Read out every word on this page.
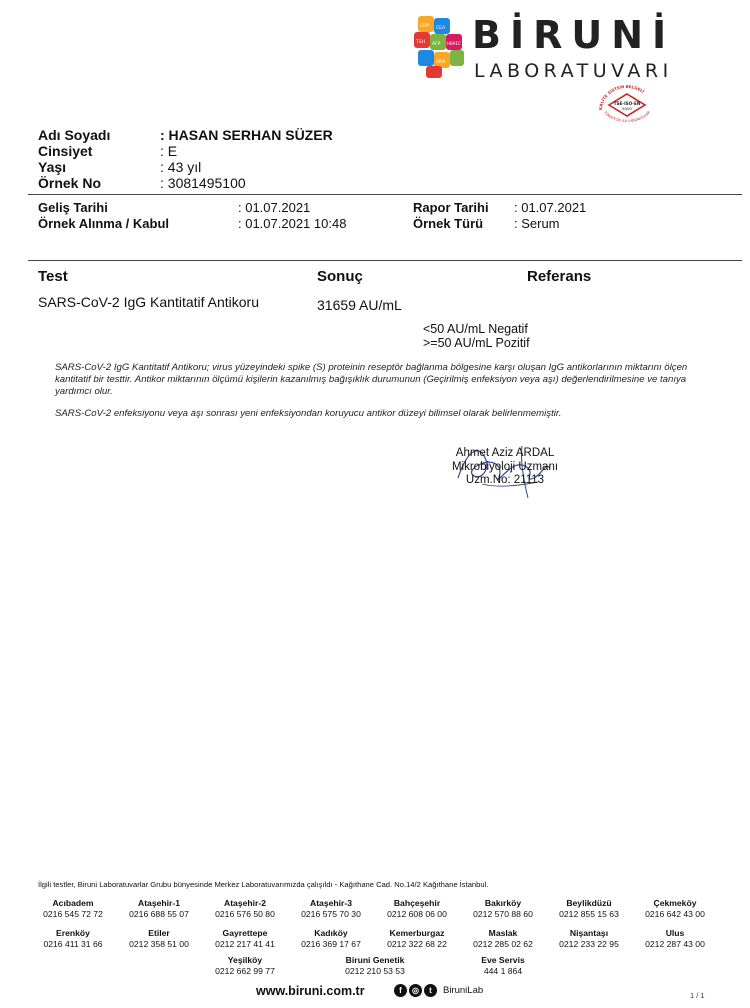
CRP CEA
TSH AFP HBA1C
ANA
BİRUNİ
LABORATUVARI
KALİTE SİSTEM BELGELİ
TSE-ISO-EN
9000
TÜRKİYE'DE İLK LABORATUVAR
Adı Soyadı	: HASAN SERHAN SÜZER
Cinsiyet	: E
Yaşı	: 43 yıl
Örnek No	: 3081495100
Geliş Tarihi	: 01.07.2021
Örnek Alınma / Kabul	: 01.07.2021 10:48
Rapor Tarihi	: 01.07.2021
Örnek Türü	: Serum
Test	Sonuç	Referans
SARS-CoV-2 IgG Kantitatif Antikoru	31659 AU/mL
<50 AU/mL Negatif
>=50 AU/mL Pozitif
SARS-CoV-2 IgG Kantitatif Antikoru; virus yüzeyindeki spike (S) proteinin reseptör bağlanma bölgesine karşı oluşan IgG antikorlarının miktarını ölçen kantitatif bir testtir. Antikor miktarının ölçümü kişilerin kazanılmış bağışıklık durumunun (Geçirilmiş enfeksiyon veya aşı) değerlendirilmesine ve tanıya yardımcı olur.
SARS-CoV-2 enfeksiyonu veya aşı sonrası yeni enfeksiyondan koruyucu antikor düzeyi bilimsel olarak belirlenmemiştir.
Ahmet Aziz ARDAL
Mikrobiyoloji Uzmanı
Uzm.No: 21113
İlgili testler, Biruni Laboratuvarlar Grubu bünyesinde Merkez Laboratuvarımızda çalışıldı - Kağıthane Cad. No.14/2 Kağıthane İstanbul.
Acıbadem
0216 545 72 72
Ataşehir-1
0216 688 55 07
Ataşehir-2
0216 576 50 80
Ataşehir-3
0216 575 70 30
Bahçeşehir
0212 608 06 00
Bakırköy
0212 570 88 60
Beylikdüzü
0212 855 15 63
Çekmeköy
0216 642 43 00
Erenköy
0216 411 31 66
Etiler
0212 358 51 00
Gayrettepe
0212 217 41 41
Kadıköy
0216 369 17 67
Kemerburgaz
0212 322 68 22
Maslak
0212 285 02 62
Nişantaşı
0212 233 22 95
Ulus
0212 287 43 00
Yeşilköy
0212 662 99 77
Biruni Genetik
0212 210 53 53
Eve Servis
444 1 864
www.biruni.com.tr	f	◎	t	BiruniLab	1 / 1
